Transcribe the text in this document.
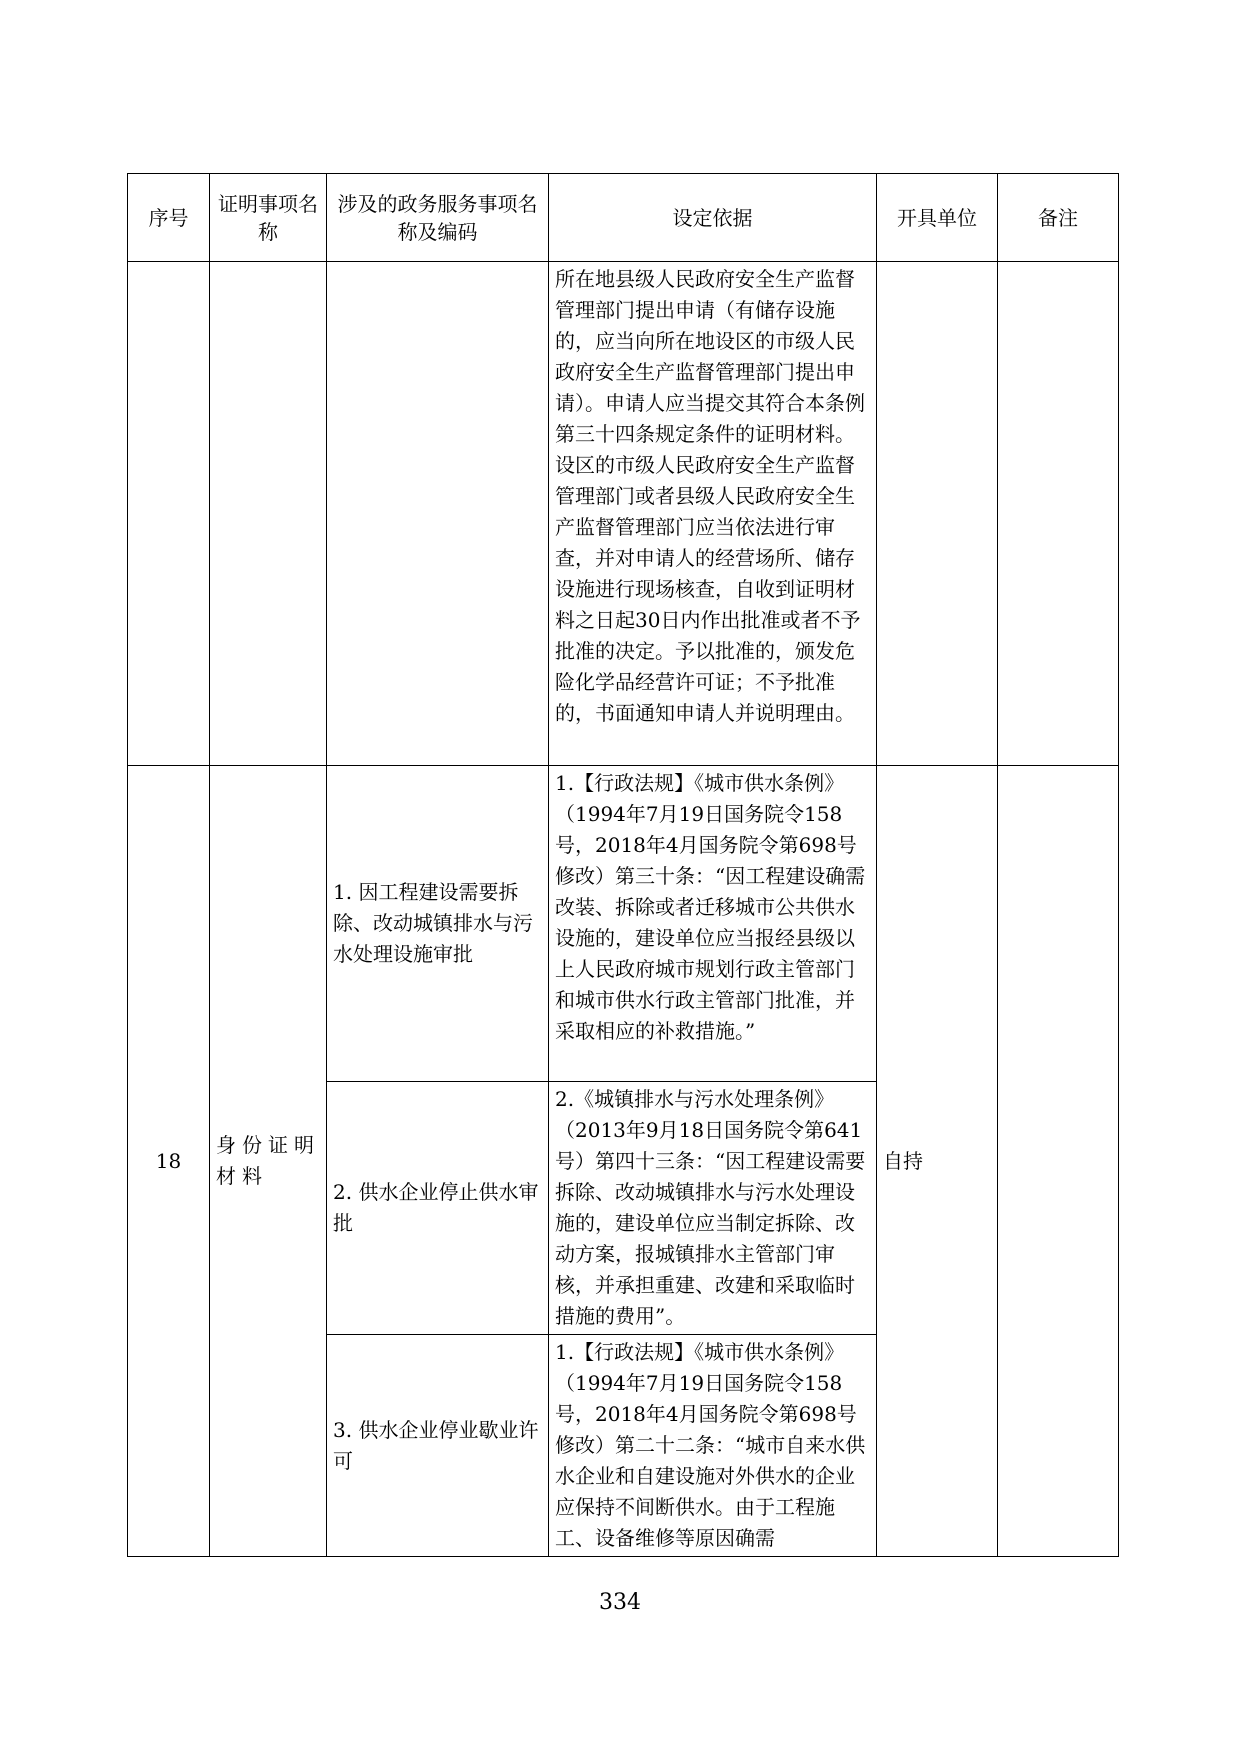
序号	证明事项名称	涉及的政务服务事项名称及编码	设定依据	开具单位	备注

			所在地县级人民政府安全生产监督管理部门提出申请（有储存设施的，应当向所在地设区的市级人民政府安全生产监督管理部门提出申请）。申请人应当提交其符合本条例第三十四条规定条件的证明材料。设区的市级人民政府安全生产监督管理部门或者县级人民政府安全生产监督管理部门应当依法进行审查，并对申请人的经营场所、储存设施进行现场核查，自收到证明材料之日起30日内作出批准或者不予批准的决定。予以批准的，颁发危险化学品经营许可证；不予批准的，书面通知申请人并说明理由。		
18	身份证明材料	1. 因工程建设需要拆除、改动城镇排水与污水处理设施审批	1.【行政法规】《城市供水条例》（1994年7月19日国务院令158号，2018年4月国务院令第698号修改）第三十条：“因工程建设确需改装、拆除或者迁移城市公共供水设施的，建设单位应当报经县级以上人民政府城市规划行政主管部门和城市供水行政主管部门批准，并采取相应的补救措施。”	自持	
		2. 供水企业停止供水审批	2.《城镇排水与污水处理条例》（2013年9月18日国务院令第641号）第四十三条：“因工程建设需要拆除、改动城镇排水与污水处理设施的，建设单位应当制定拆除、改动方案，报城镇排水主管部门审核，并承担重建、改建和采取临时措施的费用”。		
		3. 供水企业停业歇业许可	1.【行政法规】《城市供水条例》（1994年7月19日国务院令158号，2018年4月国务院令第698号修改）第二十二条：“城市自来水供水企业和自建设施对外供水的企业应保持不间断供水。由于工程施工、设备维修等原因确需		
334
